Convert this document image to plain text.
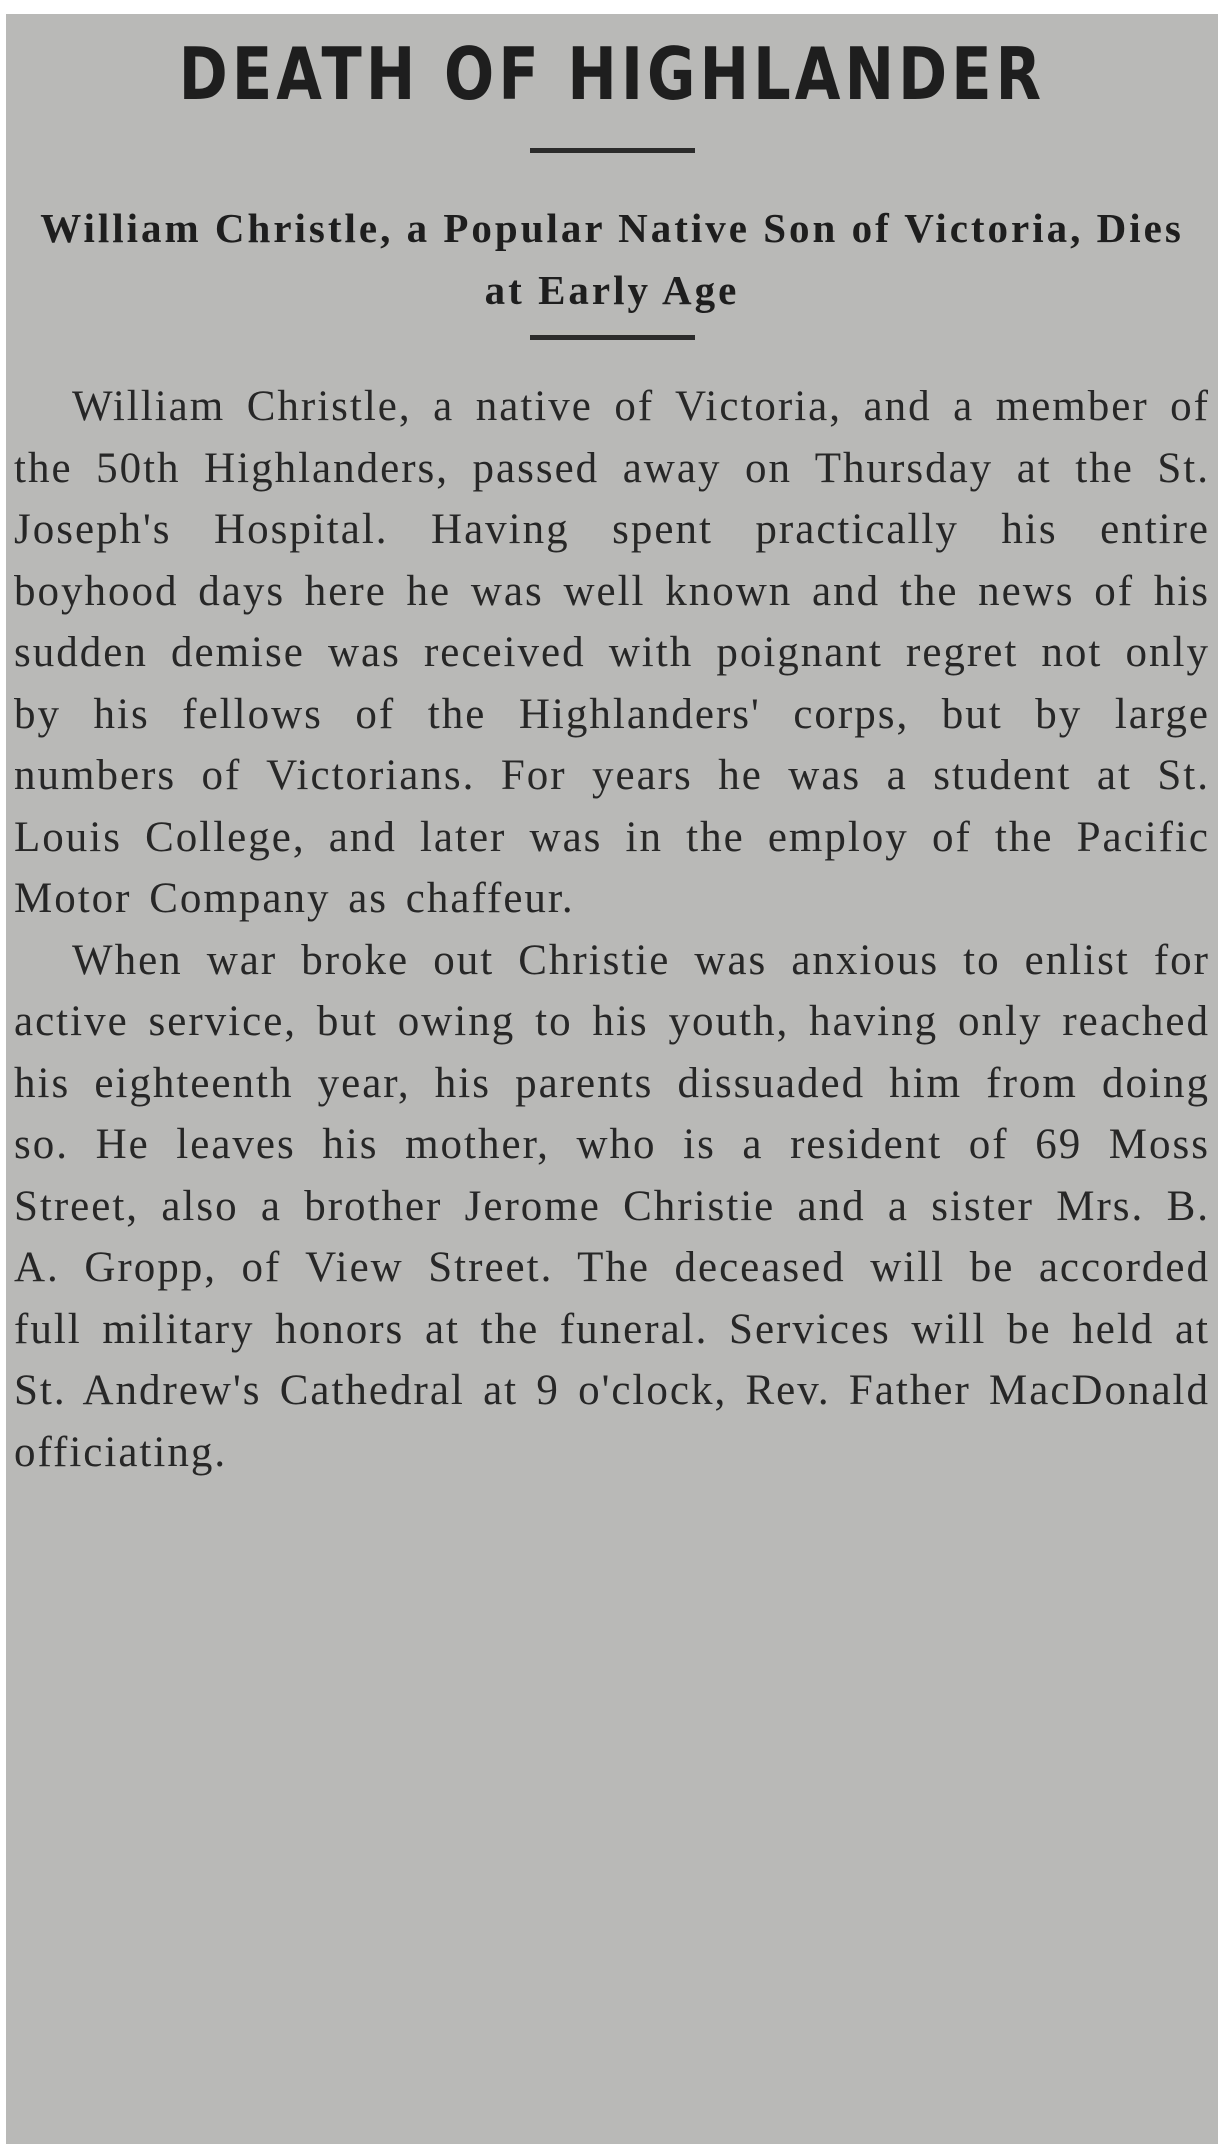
DEATH OF HIGHLANDER
William Christle, a Popular Native Son of Victoria, Dies at Early Age

William Christle, a native of Victoria, and a member of the 50th Highlanders, passed away on Thursday at the St. Joseph's Hospital. Having spent practically his entire boyhood days here he was well known and the news of his sudden demise was received with poignant regret not only by his fellows of the Highlanders' corps, but by large numbers of Victorians. For years he was a student at St. Louis College, and later was in the employ of the Pacific Motor Company as chaffeur.

When war broke out Christie was anxious to enlist for active service, but owing to his youth, having only reached his eighteenth year, his parents dissuaded him from doing so. He leaves his mother, who is a resident of 69 Moss Street, also a brother Jerome Christie and a sister Mrs. B. A. Gropp, of View Street. The deceased will be accorded full military honors at the funeral. Services will be held at St. Andrew's Cathedral at 9 o'clock, Rev. Father MacDonald officiating.
